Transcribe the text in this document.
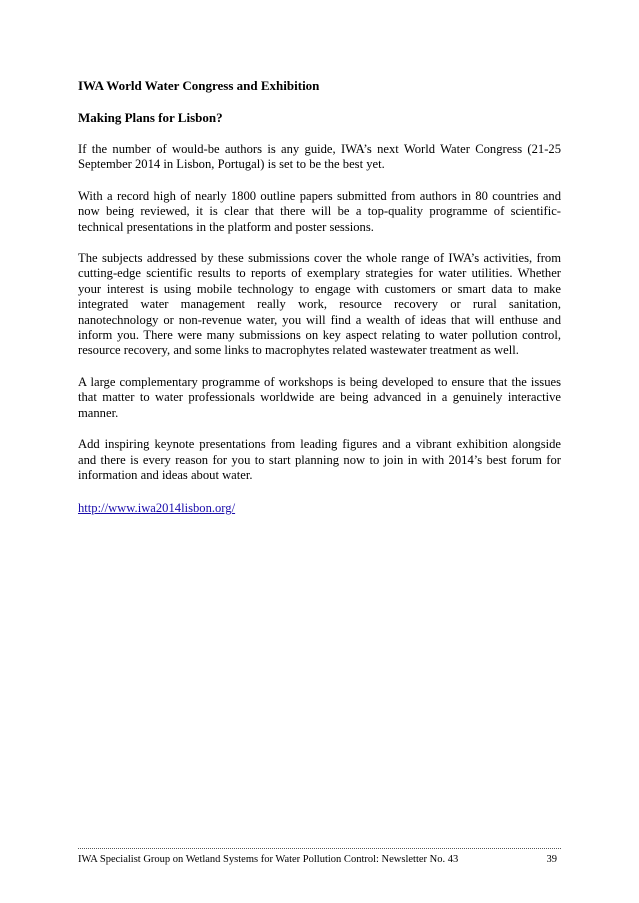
IWA World Water Congress and Exhibition

Making Plans for Lisbon?

If the number of would-be authors is any guide, IWA’s next World Water Congress (21-25 September 2014 in Lisbon, Portugal) is set to be the best yet.

With a record high of nearly 1800 outline papers submitted from authors in 80 countries and now being reviewed, it is clear that there will be a top-quality programme of scientific-technical presentations in the platform and poster sessions.

The subjects addressed by these submissions cover the whole range of IWA’s activities, from cutting-edge scientific results to reports of exemplary strategies for water utilities. Whether your interest is using mobile technology to engage with customers or smart data to make integrated water management really work, resource recovery or rural sanitation, nanotechnology or non-revenue water, you will find a wealth of ideas that will enthuse and inform you. There were many submissions on key aspect relating to water pollution control, resource recovery, and some links to macrophytes related wastewater treatment as well.

A large complementary programme of workshops is being developed to ensure that the issues that matter to water professionals worldwide are being advanced in a genuinely interactive manner.

Add inspiring keynote presentations from leading figures and a vibrant exhibition alongside and there is every reason for you to start planning now to join in with 2014’s best forum for information and ideas about water.

http://www.iwa2014lisbon.org/
IWA Specialist Group on Wetland Systems for Water Pollution Control: Newsletter No. 43	39
